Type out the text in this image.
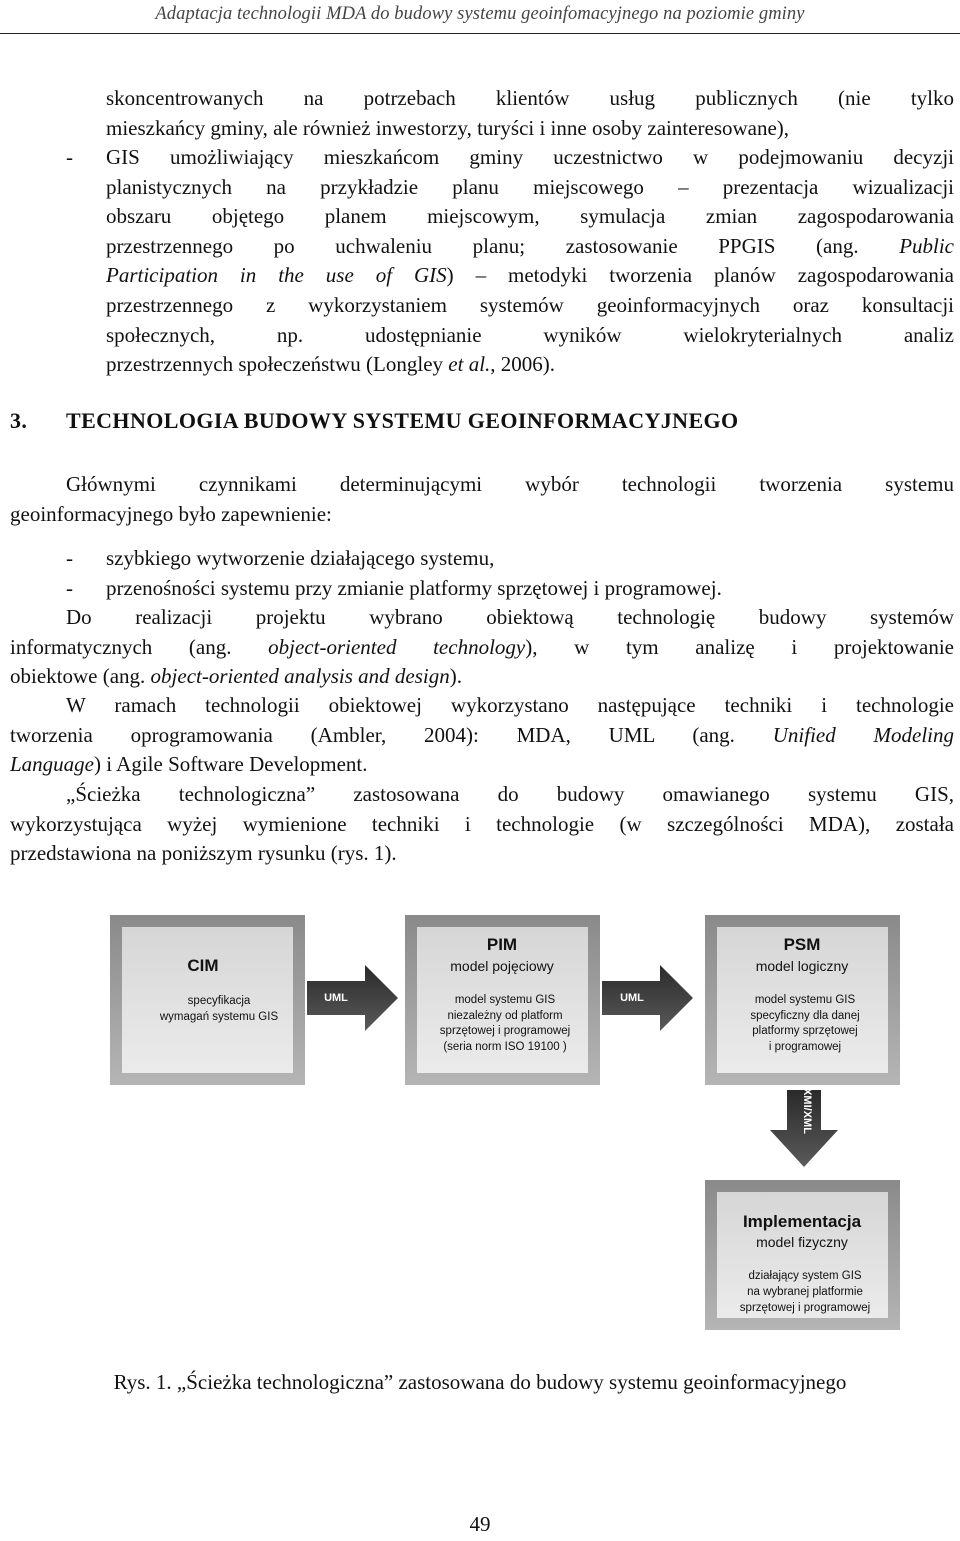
Adaptacja technologii MDA do budowy systemu geoinfomacyjnego na poziomie gminy
skoncentrowanych na potrzebach klientów usług publicznych (nie tylko
mieszkańcy gminy, ale również inwestorzy, turyści i inne osoby zainteresowane),
- GIS umożliwiający mieszkańcom gminy uczestnictwo w podejmowaniu decyzji
planistycznych na przykładzie planu miejscowego – prezentacja wizualizacji
obszaru objętego planem miejscowym, symulacja zmian zagospodarowania
przestrzennego po uchwaleniu planu; zastosowanie PPGIS (ang. Public
Participation in the use of GIS) – metodyki tworzenia planów zagospodarowania
przestrzennego z wykorzystaniem systemów geoinformacyjnych oraz konsultacji
społecznych, np. udostępnianie wyników wielokryterialnych analiz
przestrzennych społeczeństwu (Longley et al., 2006).
3. TECHNOLOGIA BUDOWY SYSTEMU GEOINFORMACYJNEGO
Głównymi czynnikami determinującymi wybór technologii tworzenia systemu
geoinformacyjnego było zapewnienie:
- szybkiego wytworzenie działającego systemu,
- przenośności systemu przy zmianie platformy sprzętowej i programowej.
Do realizacji projektu wybrano obiektową technologię budowy systemów
informatycznych (ang. object-oriented technology), w tym analizę i projektowanie
obiektowe (ang. object-oriented analysis and design).
W ramach technologii obiektowej wykorzystano następujące techniki i technologie
tworzenia oprogramowania (Ambler, 2004): MDA, UML (ang. Unified Modeling
Language) i Agile Software Development.
„Ścieżka technologiczna” zastosowana do budowy omawianego systemu GIS,
wykorzystująca wyżej wymienione techniki i technologie (w szczególności MDA), została
przedstawiona na poniższym rysunku (rys. 1).
CIM
specyfikacja
wymagań systemu GIS
UML
PIM
model pojęciowy
model systemu GIS
niezależny od platform
sprzętowej i programowej
(seria norm ISO 19100 )
UML
PSM
model logiczny
model systemu GIS
specyficzny dla danej
platformy sprzętowej
i programowej
XMI/XML
Implementacja
model fizyczny
działający system GIS
na wybranej platformie
sprzętowej i programowej
Rys. 1. „Ścieżka technologiczna” zastosowana do budowy systemu geoinformacyjnego
49
